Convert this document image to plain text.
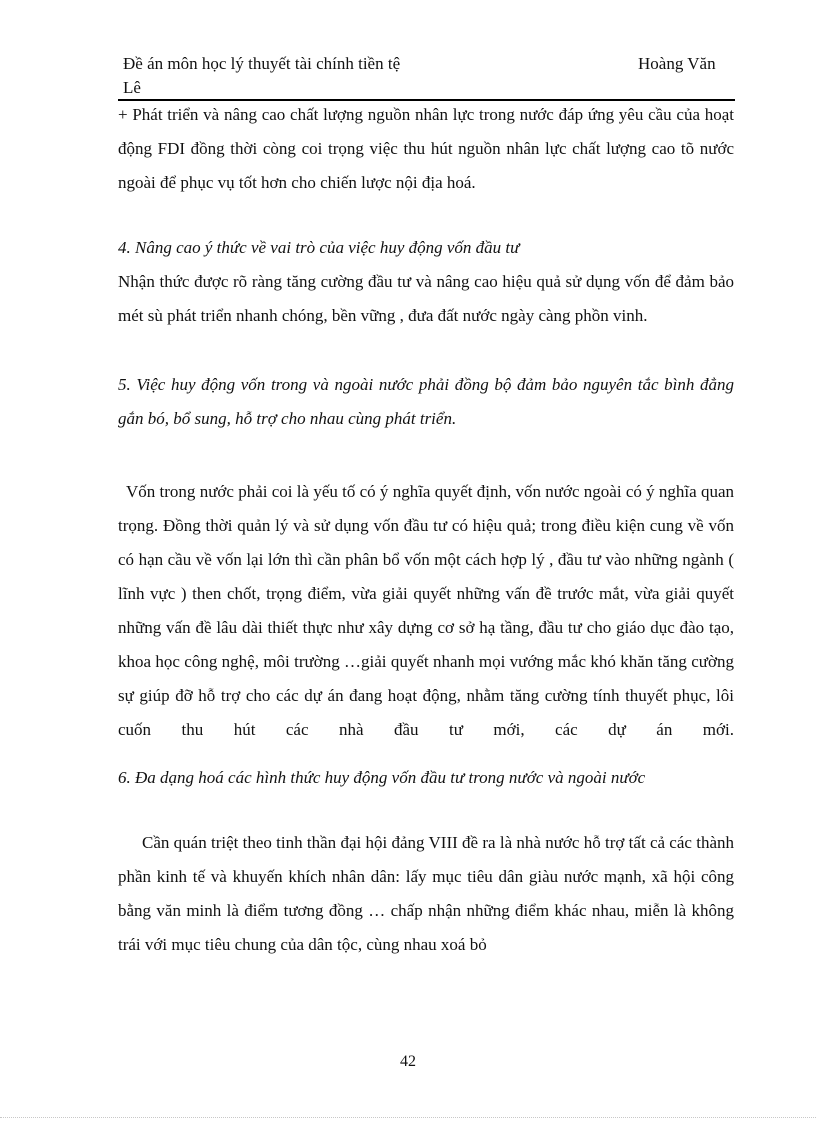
Đề án môn học lý thuyết tài chính tiền tệ
Lê
Hoàng Văn

+ Phát triển và nâng cao chất lượng nguồn nhân lực trong nước đáp ứng yêu cầu của hoạt động FDI đồng thời còng coi trọng việc thu hút nguồn nhân lực chất lượng cao tõ nước ngoài để phục vụ tốt hơn cho chiến lược nội địa hoá.

4. Nâng cao ý thức về vai trò của việc huy động vốn đầu tư

Nhận thức được rõ ràng tăng cường đầu tư và nâng cao hiệu quả sử dụng vốn để đảm bảo mét sù phát triển nhanh chóng, bền vững , đưa đất nước ngày càng phồn vinh.

5. Việc huy động vốn trong và ngoài nước phải đồng bộ đảm bảo nguyên tắc bình đẳng gắn bó, bổ sung, hỗ trợ cho nhau cùng phát triển.

Vốn trong nước phải coi là yếu tố có ý nghĩa quyết định, vốn nước ngoài có ý nghĩa quan trọng. Đồng thời quản lý và sử dụng vốn đầu tư có hiệu quả; trong điều kiện cung về vốn có hạn cầu về vốn lại lớn thì cần phân bổ vốn một cách hợp lý , đầu tư vào những ngành ( lĩnh vực ) then chốt, trọng điểm, vừa giải quyết những vấn đề trước mắt, vừa giải quyết những vấn đề lâu dài thiết thực như xây dựng cơ sở hạ tầng, đầu tư cho giáo dục đào tạo, khoa học công nghệ, môi trường …giải quyết nhanh mọi vướng mắc khó khăn tăng cường sự giúp đỡ hỗ trợ cho các dự án đang hoạt động, nhằm tăng cường tính thuyết phục, lôi cuốn thu hút các nhà đầu tư mới, các dự án mới.

6. Đa dạng hoá các hình thức huy động vốn đầu tư trong nước và ngoài nước

Cần quán triệt theo tinh thần đại hội đảng VIII đề ra là nhà nước hỗ trợ tất cả các thành phần kinh tế và khuyến khích nhân dân: lấy mục tiêu dân giàu nước mạnh, xã hội công bằng văn minh là điểm tương đồng … chấp nhận những điểm khác nhau, miễn là không trái với mục tiêu chung của dân tộc, cùng nhau xoá bỏ

42
